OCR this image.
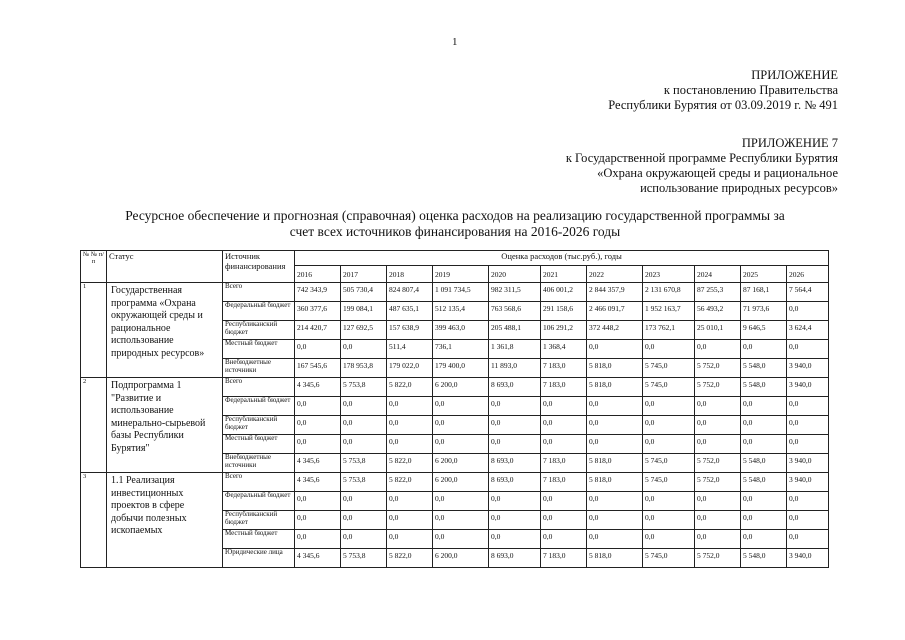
1
ПРИЛОЖЕНИЕ
к постановлению Правительства
Республики Бурятия от 03.09.2019 г. № 491
ПРИЛОЖЕНИЕ 7
к Государственной программе Республики Бурятия
«Охрана окружающей среды и рациональное
использование природных ресурсов»
Ресурсное обеспечение и прогнозная (справочная) оценка расходов на реализацию государственной программы за
счет всех источников финансирования на 2016-2026 годы
№ № п/п	Статус	Источник финансирования	Оценка расходов (тыс.руб.), годы										
			2016	2017	2018	2019	2020	2021	2022	2023	2024	2025	2026
1	Государственная программа «Охрана окружающей среды и рациональное использование природных ресурсов»	Всего	742 343,9	505 730,4	824 807,4	1 091 734,5	982 311,5	406 001,2	2 844 357,9	2 131 670,8	87 255,3	87 168,1	7 564,4
		Федеральный бюджет	360 377,6	199 084,1	487 635,1	512 135,4	763 568,6	291 158,6	2 466 091,7	1 952 163,7	56 493,2	71 973,6	0,0
		Республиканский бюджет	214 420,7	127 692,5	157 638,9	399 463,0	205 488,1	106 291,2	372 448,2	173 762,1	25 010,1	9 646,5	3 624,4
		Местный бюджет	0,0	0,0	511,4	736,1	1 361,8	1 368,4	0,0	0,0	0,0	0,0	0,0
		Внебюджетные источники	167 545,6	178 953,8	179 022,0	179 400,0	11 893,0	7 183,0	5 818,0	5 745,0	5 752,0	5 548,0	3 940,0
2	Подпрограмма 1 "Развитие и использование минерально-сырьевой базы Республики Бурятия"	Всего	4 345,6	5 753,8	5 822,0	6 200,0	8 693,0	7 183,0	5 818,0	5 745,0	5 752,0	5 548,0	3 940,0
		Федеральный бюджет	0,0	0,0	0,0	0,0	0,0	0,0	0,0	0,0	0,0	0,0	0,0
		Республиканский бюджет	0,0	0,0	0,0	0,0	0,0	0,0	0,0	0,0	0,0	0,0	0,0
		Местный бюджет	0,0	0,0	0,0	0,0	0,0	0,0	0,0	0,0	0,0	0,0	0,0
		Внебюджетные источники	4 345,6	5 753,8	5 822,0	6 200,0	8 693,0	7 183,0	5 818,0	5 745,0	5 752,0	5 548,0	3 940,0
3	1.1 Реализация инвестиционных проектов в сфере добычи полезных ископаемых	Всего	4 345,6	5 753,8	5 822,0	6 200,0	8 693,0	7 183,0	5 818,0	5 745,0	5 752,0	5 548,0	3 940,0
		Федеральный бюджет	0,0	0,0	0,0	0,0	0,0	0,0	0,0	0,0	0,0	0,0	0,0
		Республиканский бюджет	0,0	0,0	0,0	0,0	0,0	0,0	0,0	0,0	0,0	0,0	0,0
		Местный бюджет	0,0	0,0	0,0	0,0	0,0	0,0	0,0	0,0	0,0	0,0	0,0
		Юридические лица	4 345,6	5 753,8	5 822,0	6 200,0	8 693,0	7 183,0	5 818,0	5 745,0	5 752,0	5 548,0	3 940,0
